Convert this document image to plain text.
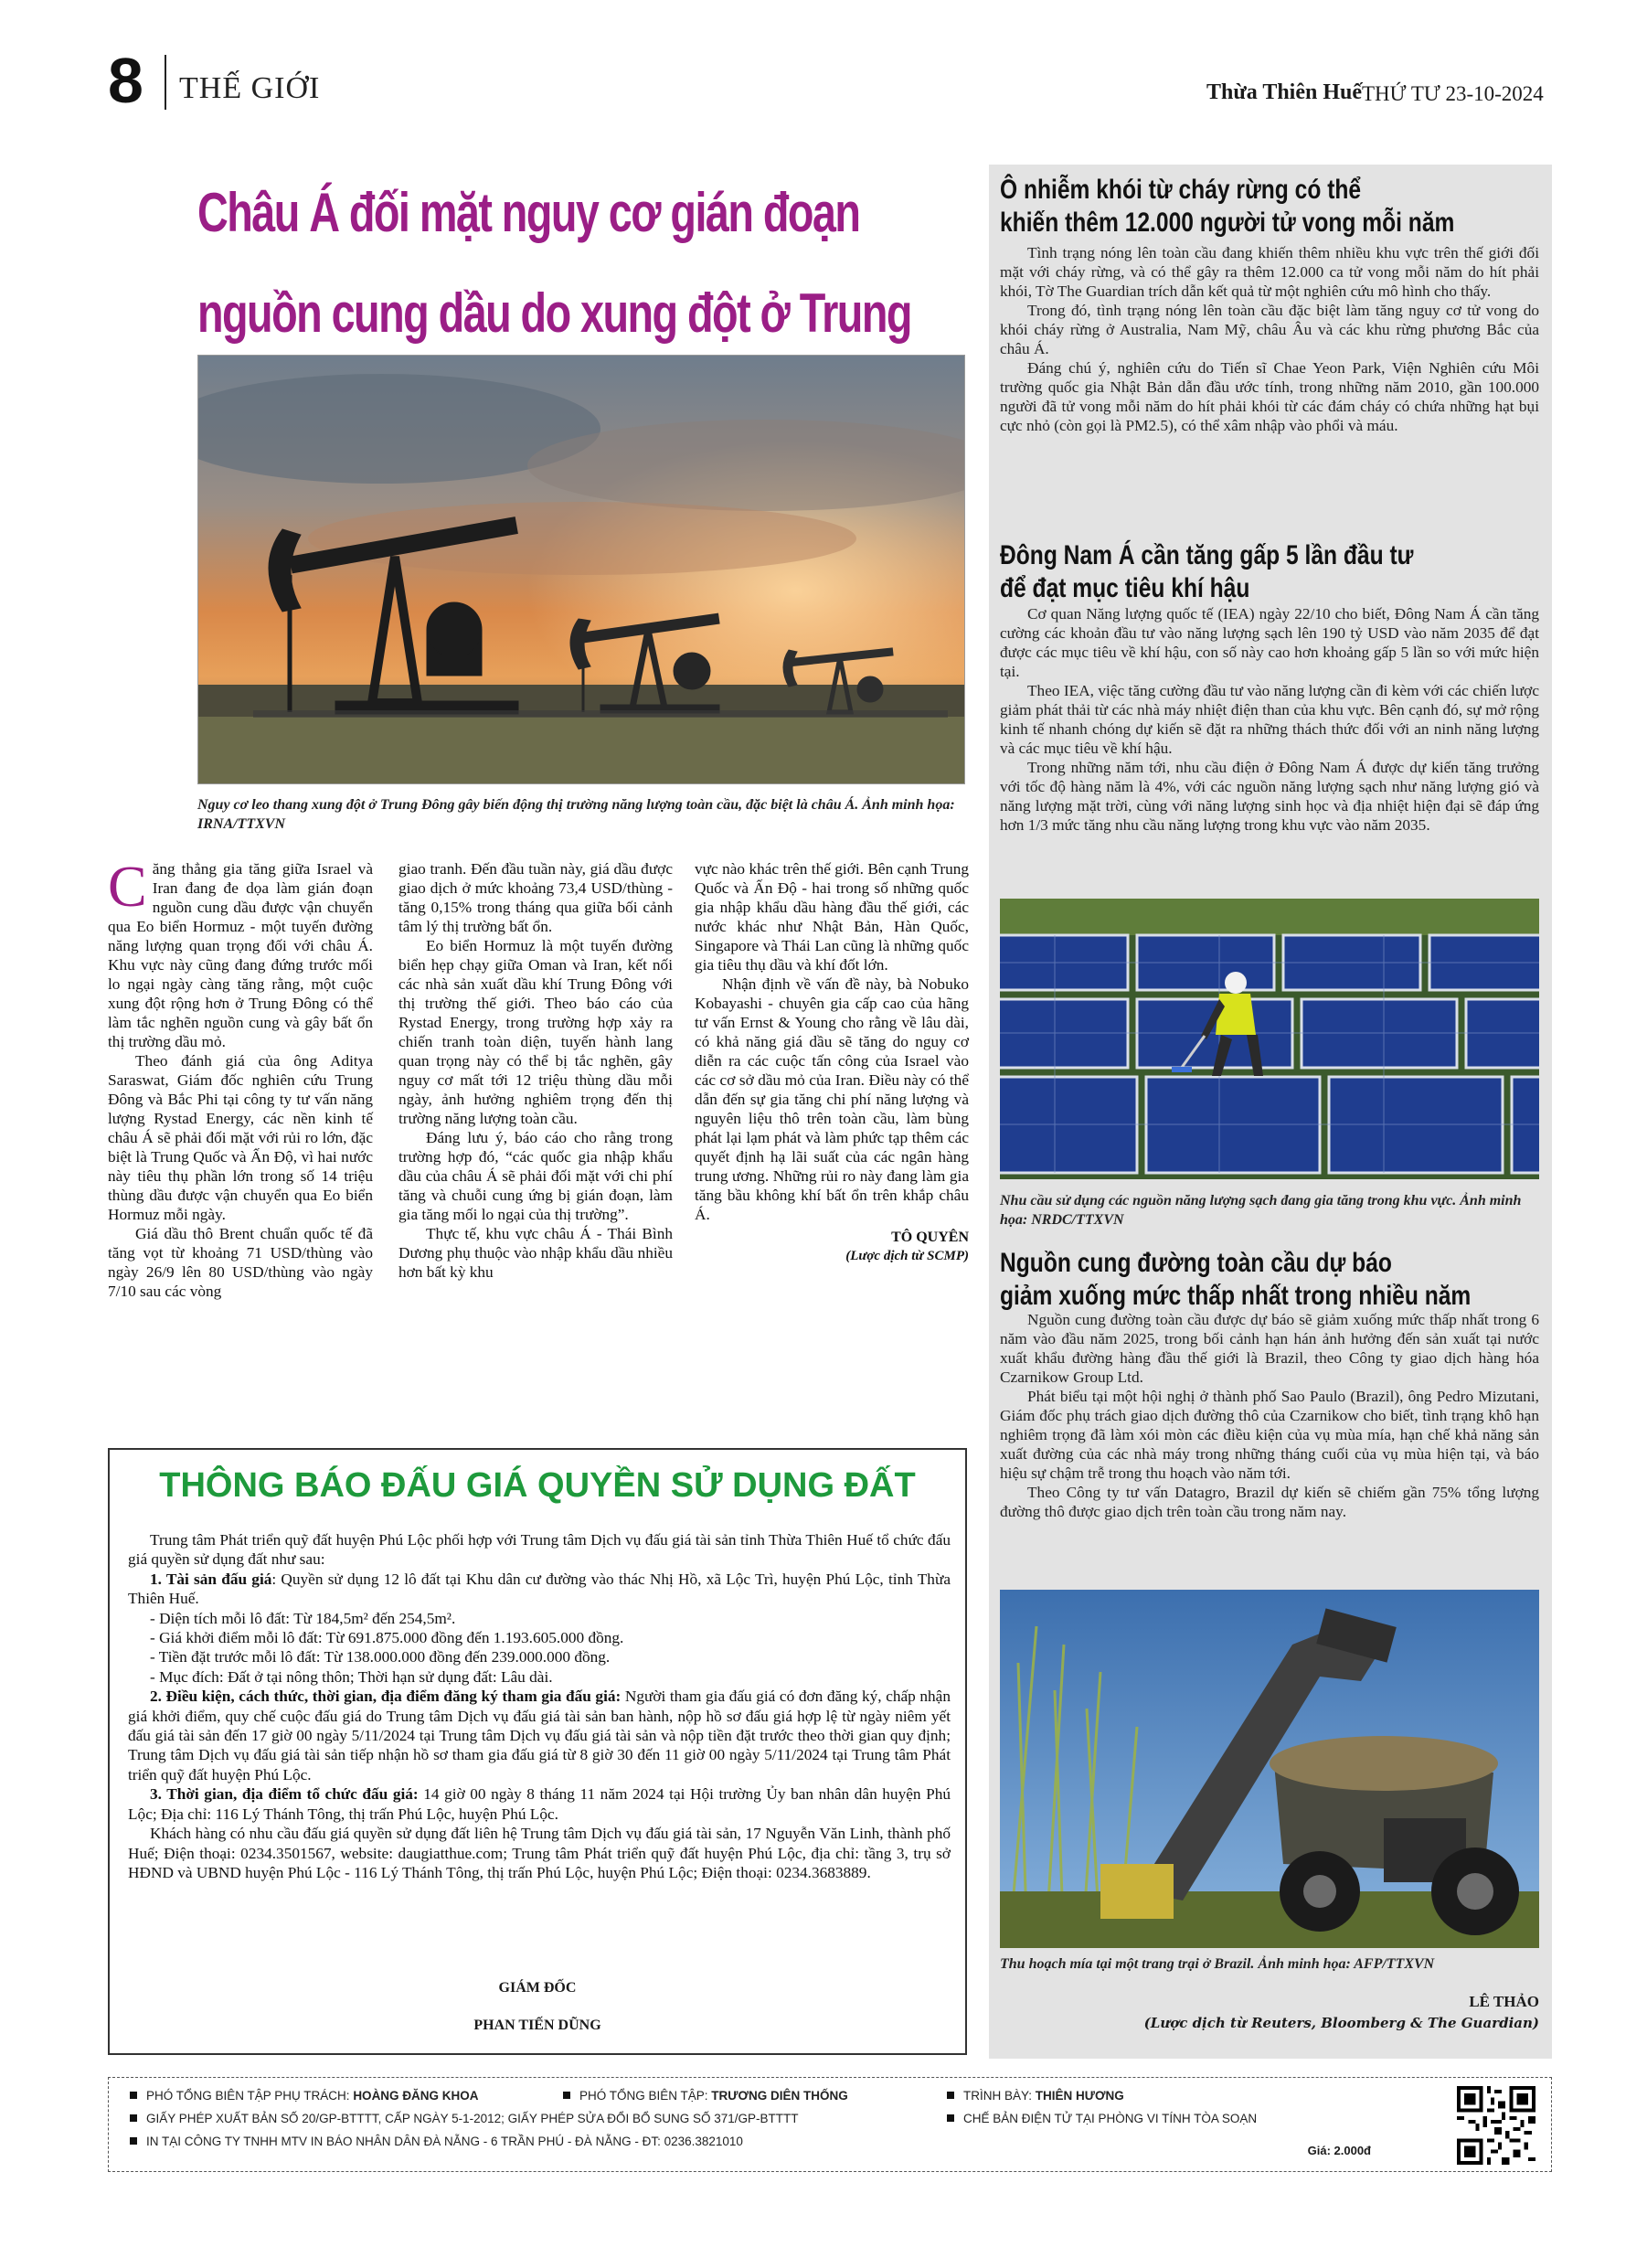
8 THẾ GIỚI	Thừa Thiên Huế THỨ TƯ 23-10-2024
Châu Á đối mặt nguy cơ gián đoạn
nguồn cung dầu do xung đột ở Trung
Nguy cơ leo thang xung đột ở Trung Đông gây biến động thị trường năng lượng toàn cầu, đặc biệt là châu Á. Ảnh minh họa: IRNA/TTXVN
C ăng thẳng gia tăng giữa Israel và Iran đang đe dọa làm gián đoạn nguồn cung dầu được vận chuyển qua Eo biển Hormuz - một tuyến đường năng lượng quan trọng đối với châu Á. Khu vực này cũng đang đứng trước mối lo ngại ngày càng tăng rằng, một cuộc xung đột rộng hơn ở Trung Đông có thể làm tắc nghẽn nguồn cung và gây bất ổn thị trường dầu mỏ.

Theo đánh giá của ông Aditya Saraswat, Giám đốc nghiên cứu Trung Đông và Bắc Phi tại công ty tư vấn năng lượng Rystad Energy, các nền kinh tế châu Á sẽ phải đối mặt với rủi ro lớn, đặc biệt là Trung Quốc và Ấn Độ, vì hai nước này tiêu thụ phần lớn trong số 14 triệu thùng dầu được vận chuyển qua Eo biển Hormuz mỗi ngày.

Giá dầu thô Brent chuẩn quốc tế đã tăng vọt từ khoảng 71 USD/thùng vào ngày 26/9 lên 80 USD/thùng vào ngày 7/10 sau các vòng

giao tranh. Đến đầu tuần này, giá dầu được giao dịch ở mức khoảng 73,4 USD/thùng - tăng 0,15% trong tháng qua giữa bối cảnh tâm lý thị trường bất ổn.

Eo biển Hormuz là một tuyến đường biển hẹp chạy giữa Oman và Iran, kết nối các nhà sản xuất dầu khí Trung Đông với thị trường thế giới. Theo báo cáo của Rystad Energy, trong trường hợp xảy ra chiến tranh toàn diện, tuyến hành lang quan trọng này có thể bị tắc nghẽn, gây nguy cơ mất tới 12 triệu thùng dầu mỗi ngày, ảnh hưởng nghiêm trọng đến thị trường năng lượng toàn cầu.

Đáng lưu ý, báo cáo cho rằng trong trường hợp đó, “các quốc gia nhập khẩu dầu của châu Á sẽ phải đối mặt với chi phí tăng và chuỗi cung ứng bị gián đoạn, làm gia tăng mối lo ngại của thị trường”.

Thực tế, khu vực châu Á - Thái Bình Dương phụ thuộc vào nhập khẩu dầu nhiều hơn bất kỳ khu

vực nào khác trên thế giới. Bên cạnh Trung Quốc và Ấn Độ - hai trong số những quốc gia nhập khẩu dầu hàng đầu thế giới, các nước khác như Nhật Bản, Hàn Quốc, Singapore và Thái Lan cũng là những quốc gia tiêu thụ dầu và khí đốt lớn.

Nhận định về vấn đề này, bà Nobuko Kobayashi - chuyên gia cấp cao của hãng tư vấn Ernst & Young cho rằng về lâu dài, có khả năng giá dầu sẽ tăng do nguy cơ diễn ra các cuộc tấn công của Israel vào các cơ sở dầu mỏ của Iran. Điều này có thể dẫn đến sự gia tăng chi phí năng lượng và nguyên liệu thô trên toàn cầu, làm bùng phát lại lạm phát và làm phức tạp thêm các quyết định hạ lãi suất của các ngân hàng trung ương. Những rủi ro này đang làm gia tăng bầu không khí bất ổn trên khắp châu Á.

TÔ QUYÊN
(Lược dịch từ SCMP)
Ô nhiễm khói từ cháy rừng có thể
khiến thêm 12.000 người tử vong mỗi năm

Tình trạng nóng lên toàn cầu đang khiến thêm nhiều khu vực trên thế giới đối mặt với cháy rừng, và có thể gây ra thêm 12.000 ca tử vong mỗi năm do hít phải khói, Tờ The Guardian trích dẫn kết quả từ một nghiên cứu mô hình cho thấy.

Trong đó, tình trạng nóng lên toàn cầu đặc biệt làm tăng nguy cơ tử vong do khói cháy rừng ở Australia, Nam Mỹ, châu Âu và các khu rừng phương Bắc của châu Á.

Đáng chú ý, nghiên cứu do Tiến sĩ Chae Yeon Park, Viện Nghiên cứu Môi trường quốc gia Nhật Bản dẫn đầu ước tính, trong những năm 2010, gần 100.000 người đã tử vong mỗi năm do hít phải khói từ các đám cháy có chứa những hạt bụi cực nhỏ (còn gọi là PM2.5), có thể xâm nhập vào phổi và máu.

Đông Nam Á cần tăng gấp 5 lần đầu tư
để đạt mục tiêu khí hậu

Cơ quan Năng lượng quốc tế (IEA) ngày 22/10 cho biết, Đông Nam Á cần tăng cường các khoản đầu tư vào năng lượng sạch lên 190 tỷ USD vào năm 2035 để đạt được các mục tiêu về khí hậu, con số này cao hơn khoảng gấp 5 lần so với mức hiện tại.

Theo IEA, việc tăng cường đầu tư vào năng lượng cần đi kèm với các chiến lược giảm phát thải từ các nhà máy nhiệt điện than của khu vực. Bên cạnh đó, sự mở rộng kinh tế nhanh chóng dự kiến sẽ đặt ra những thách thức đối với an ninh năng lượng và các mục tiêu về khí hậu.

Trong những năm tới, nhu cầu điện ở Đông Nam Á được dự kiến tăng trưởng với tốc độ hàng năm là 4%, với các nguồn năng lượng sạch như năng lượng gió và năng lượng mặt trời, cùng với năng lượng sinh học và địa nhiệt hiện đại sẽ đáp ứng hơn 1/3 mức tăng nhu cầu năng lượng trong khu vực vào năm 2035.

Nhu cầu sử dụng các nguồn năng lượng sạch đang gia tăng trong khu vực. Ảnh minh họa: NRDC/TTXVN
Nguồn cung đường toàn cầu dự báo
giảm xuống mức thấp nhất trong nhiều năm

Nguồn cung đường toàn cầu được dự báo sẽ giảm xuống mức thấp nhất trong 6 năm vào đầu năm 2025, trong bối cảnh hạn hán ảnh hưởng đến sản xuất tại nước xuất khẩu đường hàng đầu thế giới là Brazil, theo Công ty giao dịch hàng hóa Czarnikow Group Ltd.

Phát biểu tại một hội nghị ở thành phố Sao Paulo (Brazil), ông Pedro Mizutani, Giám đốc phụ trách giao dịch đường thô của Czarnikow cho biết, tình trạng khô hạn nghiêm trọng đã làm xói mòn các điều kiện của vụ mùa mía, hạn chế khả năng sản xuất đường của các nhà máy trong những tháng cuối của vụ mùa hiện tại, và báo hiệu sự chậm trễ trong thu hoạch vào năm tới.

Theo Công ty tư vấn Datagro, Brazil dự kiến sẽ chiếm gần 75% tổng lượng đường thô được giao dịch trên toàn cầu trong năm nay.

Thu hoạch mía tại một trang trại ở Brazil. Ảnh minh họa: AFP/TTXVN
LÊ THẢO
(Lược dịch từ Reuters, Bloomberg & The Guardian)
THÔNG BÁO ĐẤU GIÁ QUYỀN SỬ DỤNG ĐẤT

Trung tâm Phát triển quỹ đất huyện Phú Lộc phối hợp với Trung tâm Dịch vụ đấu giá tài sản tỉnh Thừa Thiên Huế tổ chức đấu giá quyền sử dụng đất như sau:

1. Tài sản đấu giá: Quyền sử dụng 12 lô đất tại Khu dân cư đường vào thác Nhị Hồ, xã Lộc Trì, huyện Phú Lộc, tỉnh Thừa Thiên Huế.

- Diện tích mỗi lô đất: Từ 184,5m² đến 254,5m².

- Giá khởi điểm mỗi lô đất: Từ 691.875.000 đồng đến 1.193.605.000 đồng.

- Tiền đặt trước mỗi lô đất: Từ 138.000.000 đồng đến 239.000.000 đồng.

- Mục đích: Đất ở tại nông thôn; Thời hạn sử dụng đất: Lâu dài.

2. Điều kiện, cách thức, thời gian, địa điểm đăng ký tham gia đấu giá: Người tham gia đấu giá có đơn đăng ký, chấp nhận giá khởi điểm, quy chế cuộc đấu giá do Trung tâm Dịch vụ đấu giá tài sản ban hành, nộp hồ sơ đấu giá hợp lệ từ ngày niêm yết đấu giá tài sản đến 17 giờ 00 ngày 5/11/2024 tại Trung tâm Dịch vụ đấu giá tài sản và nộp tiền đặt trước theo thời gian quy định; Trung tâm Dịch vụ đấu giá tài sản tiếp nhận hồ sơ tham gia đấu giá từ 8 giờ 30 đến 11 giờ 00 ngày 5/11/2024 tại Trung tâm Phát triển quỹ đất huyện Phú Lộc.

3. Thời gian, địa điểm tổ chức đấu giá: 14 giờ 00 ngày 8 tháng 11 năm 2024 tại Hội trường Ủy ban nhân dân huyện Phú Lộc; Địa chỉ: 116 Lý Thánh Tông, thị trấn Phú Lộc, huyện Phú Lộc.

Khách hàng có nhu cầu đấu giá quyền sử dụng đất liên hệ Trung tâm Dịch vụ đấu giá tài sản, 17 Nguyễn Văn Linh, thành phố Huế; Điện thoại: 0234.3501567, website: daugiatthue.com; Trung tâm Phát triển quỹ đất huyện Phú Lộc, địa chỉ: tầng 3, trụ sở HĐND và UBND huyện Phú Lộc - 116 Lý Thánh Tông, thị trấn Phú Lộc, huyện Phú Lộc; Điện thoại: 0234.3683889.

GIÁM ĐỐC
PHAN TIẾN DŨNG
PHÓ TỔNG BIÊN TẬP PHỤ TRÁCH: HOÀNG ĐĂNG KHOA	PHÓ TỔNG BIÊN TẬP: TRƯƠNG DIÊN THỐNG	TRÌNH BÀY: THIÊN HƯƠNG
GIẤY PHÉP XUẤT BẢN SỐ 20/GP-BTTTT, CẤP NGÀY 5-1-2012; GIẤY PHÉP SỬA ĐỔI BỔ SUNG SỐ 371/GP-BTTTT	CHẾ BẢN ĐIỆN TỬ TẠI PHÒNG VI TÍNH TÒA SOẠN
IN TẠI CÔNG TY TNHH MTV IN BÁO NHÂN DÂN ĐÀ NẴNG - 6 TRẦN PHÚ - ĐÀ NẴNG - ĐT: 0236.3821010
Giá: 2.000đ
